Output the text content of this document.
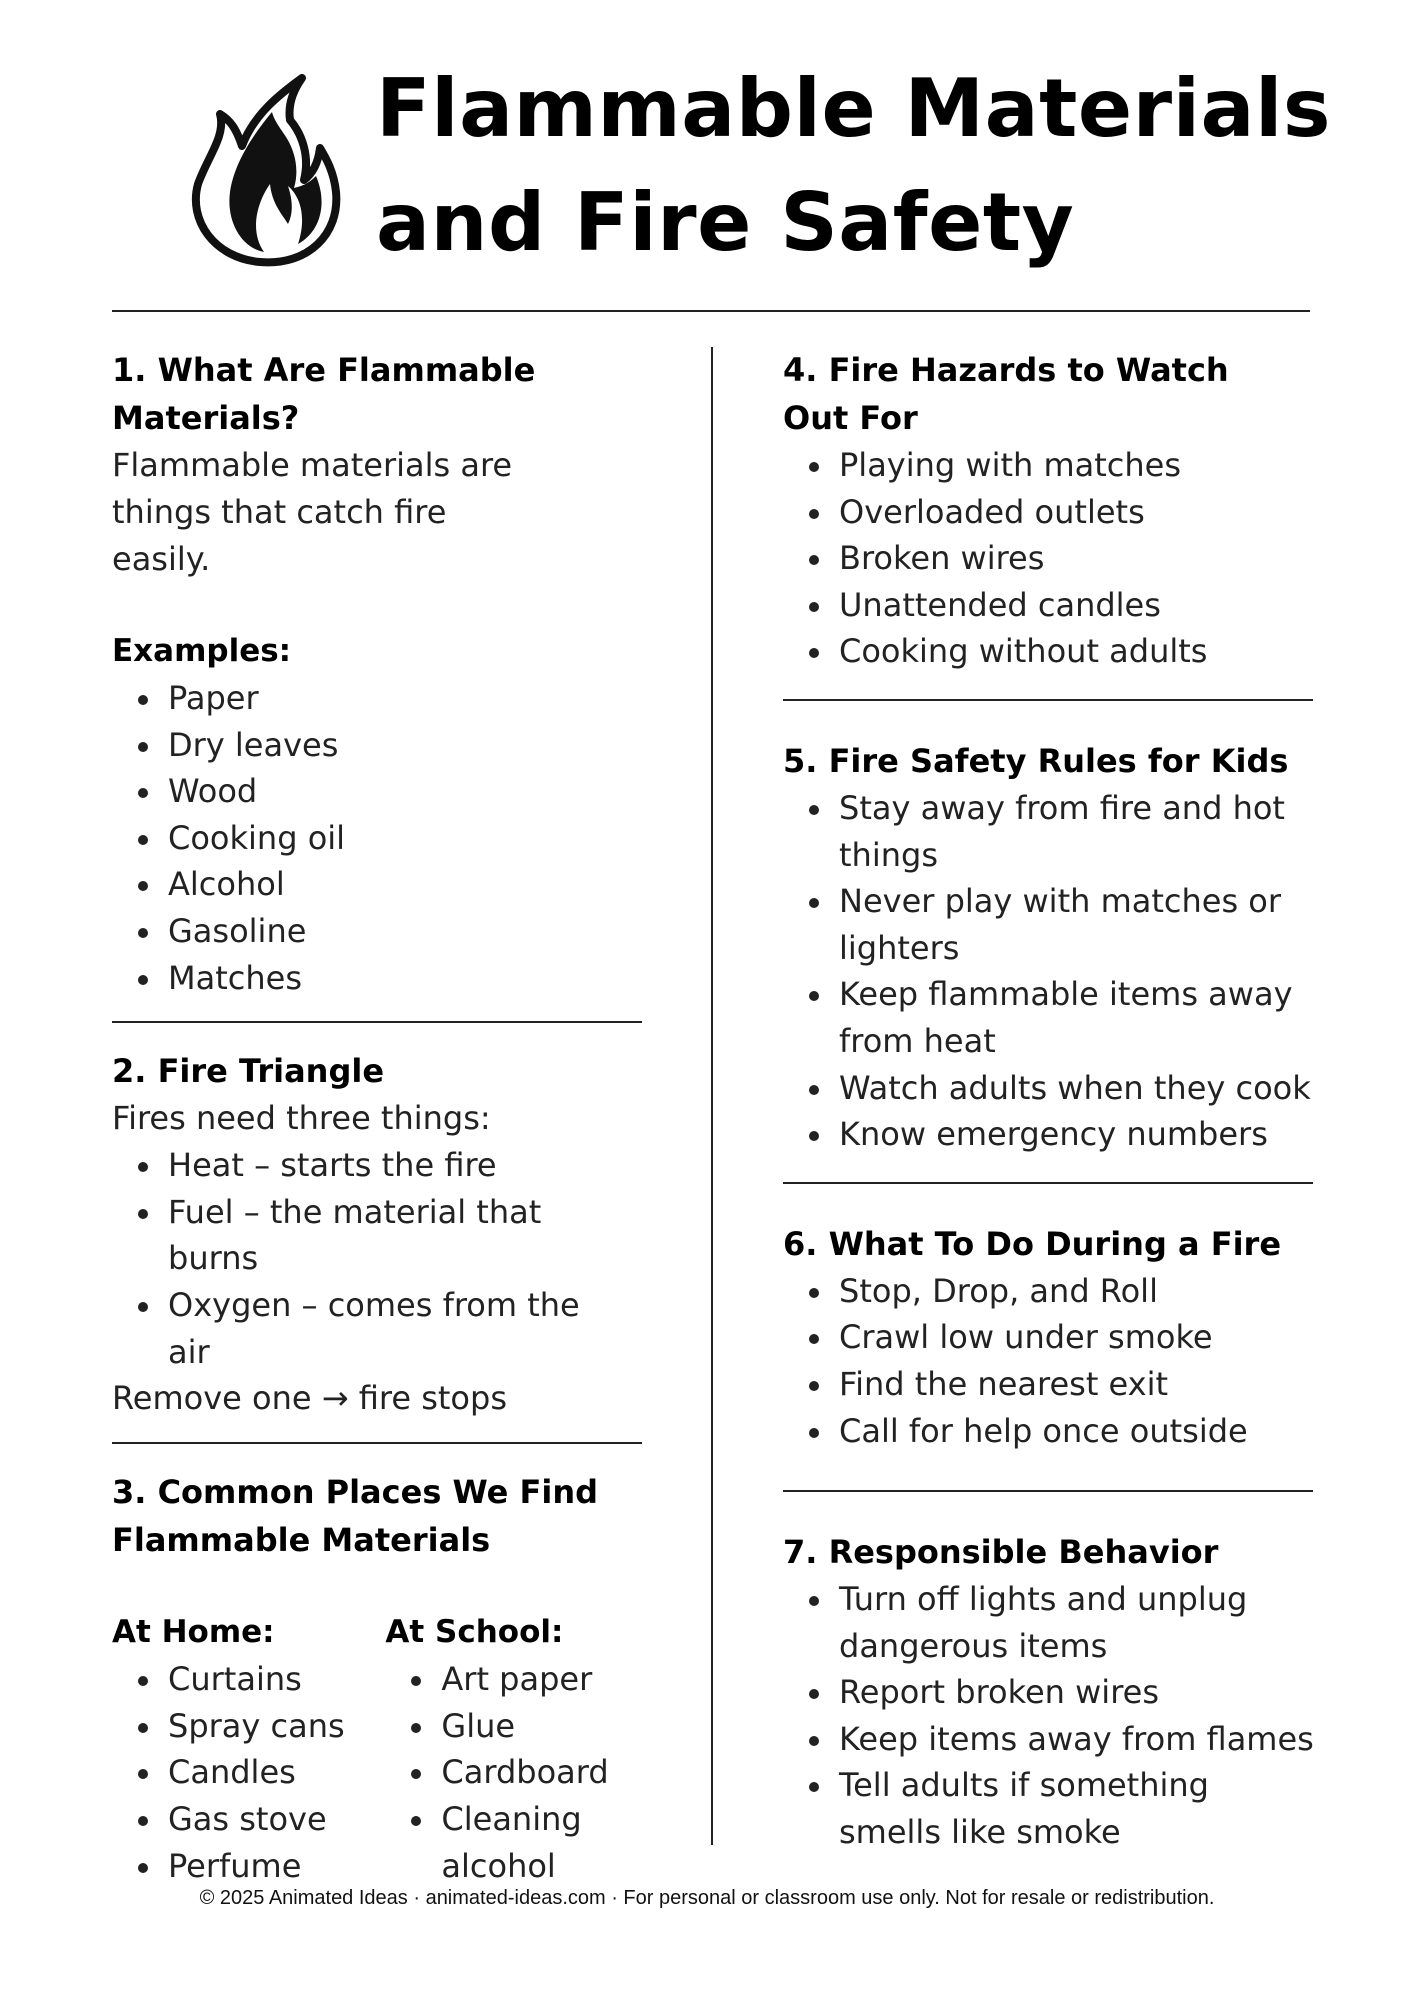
Flammable Materials
and Fire Safety
1. What Are Flammable Materials?

Flammable materials are things that catch fire easily.

Examples:
Paper
Dry leaves
Wood
Cooking oil
Alcohol
Gasoline
Matches
2. Fire Triangle

Fires need three things:

Heat – starts the fire
Fuel – the material that burns
Oxygen – comes from the air

Remove one → fire stops

3. Common Places We Find Flammable Materials
At Home:
Curtains
Spray cans
Candles
Gas stove
Perfume
At School:
Art paper
Glue
Cardboard
Cleaning alcohol
4. Fire Hazards to Watch Out For
Playing with matches
Overloaded outlets
Broken wires
Unattended candles
Cooking without adults
5. Fire Safety Rules for Kids
Stay away from fire and hot things
Never play with matches or lighters
Keep flammable items away from heat
Watch adults when they cook
Know emergency numbers
6. What To Do During a Fire
Stop, Drop, and Roll
Crawl low under smoke
Find the nearest exit
Call for help once outside
7. Responsible Behavior
Turn off lights and unplug dangerous items
Report broken wires
Keep items away from flames
Tell adults if something smells like smoke
© 2025 Animated Ideas · animated-ideas.com · For personal or classroom use only. Not for resale or redistribution.
